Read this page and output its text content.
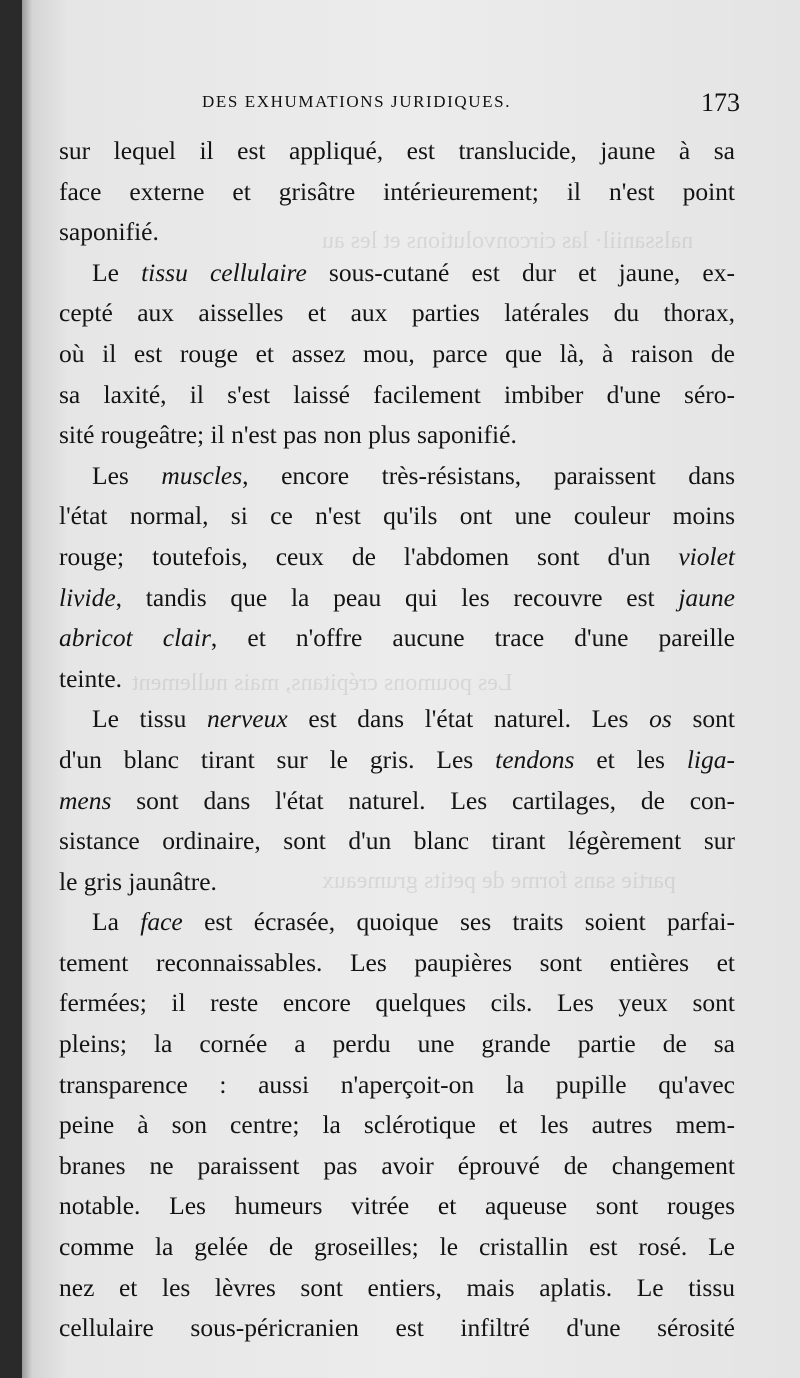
DES EXHUMATIONS JURIDIQUES.	173
nalssaniil· las circonvolutions et les au
Les poumons crépitans, mais nullement
partie sans forme de petits grumeaux
sur lequel il est appliqué, est translucide, jaune à sa
face externe et grisâtre intérieurement; il n'est point
saponifié.
Le tissu cellulaire sous-cutané est dur et jaune, ex-
cepté aux aisselles et aux parties latérales du thorax,
où il est rouge et assez mou, parce que là, à raison de
sa laxité, il s'est laissé facilement imbiber d'une séro-
sité rougeâtre; il n'est pas non plus saponifié.
Les muscles, encore très-résistans, paraissent dans
l'état normal, si ce n'est qu'ils ont une couleur moins
rouge; toutefois, ceux de l'abdomen sont d'un violet
livide, tandis que la peau qui les recouvre est jaune
abricot clair, et n'offre aucune trace d'une pareille
teinte.
Le tissu nerveux est dans l'état naturel. Les os sont
d'un blanc tirant sur le gris. Les tendons et les liga-
mens sont dans l'état naturel. Les cartilages, de con-
sistance ordinaire, sont d'un blanc tirant légèrement sur
le gris jaunâtre.
La face est écrasée, quoique ses traits soient parfai-
tement reconnaissables. Les paupières sont entières et
fermées; il reste encore quelques cils. Les yeux sont
pleins; la cornée a perdu une grande partie de sa
transparence : aussi n'aperçoit-on la pupille qu'avec
peine à son centre; la sclérotique et les autres mem-
branes ne paraissent pas avoir éprouvé de changement
notable. Les humeurs vitrée et aqueuse sont rouges
comme la gelée de groseilles; le cristallin est rosé. Le
nez et les lèvres sont entiers, mais aplatis. Le tissu
cellulaire sous-péricranien est infiltré d'une sérosité
